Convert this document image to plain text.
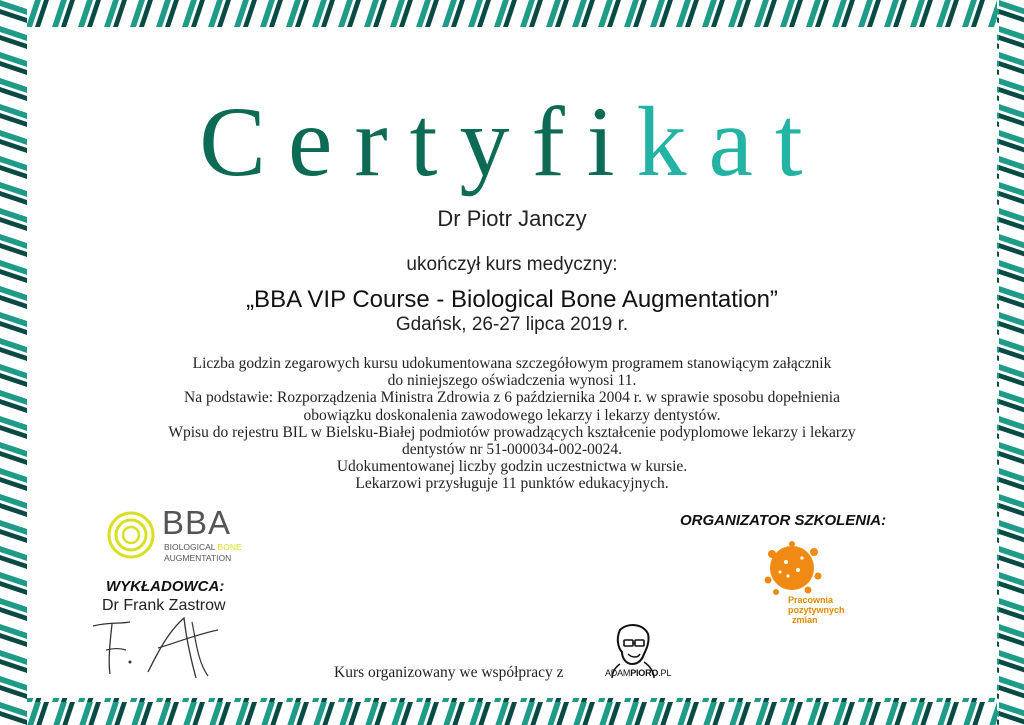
Certyfikat
Dr Piotr Janczy
ukończył kurs medyczny:
„BBA VIP Course - Biological Bone Augmentation”
Gdańsk, 26-27 lipca 2019 r.
Liczba godzin zegarowych kursu udokumentowana szczegółowym programem stanowiącym załącznik
do niniejszego oświadczenia wynosi 11.
Na podstawie: Rozporządzenia Ministra Zdrowia z 6 października 2004 r. w sprawie sposobu dopełnienia
obowiązku doskonalenia zawodowego lekarzy i lekarzy dentystów.
Wpisu do rejestru BIL w Bielsku-Białej podmiotów prowadzących kształcenie podyplomowe lekarzy i lekarzy
dentystów nr 51-000034-002-0024.
Udokumentowanej liczby godzin uczestnictwa w kursie.
Lekarzowi przysługuje 11 punktów edukacyjnych.
BBA
BIOLOGICAL BONE
AUGMENTATION
ORGANIZATOR SZKOLENIA:
Pracownia
pozytywnych
zmian
WYKŁADOWCA:
Dr Frank Zastrow
Kurs organizowany we współpracy z	ADAMPIORO.PL
